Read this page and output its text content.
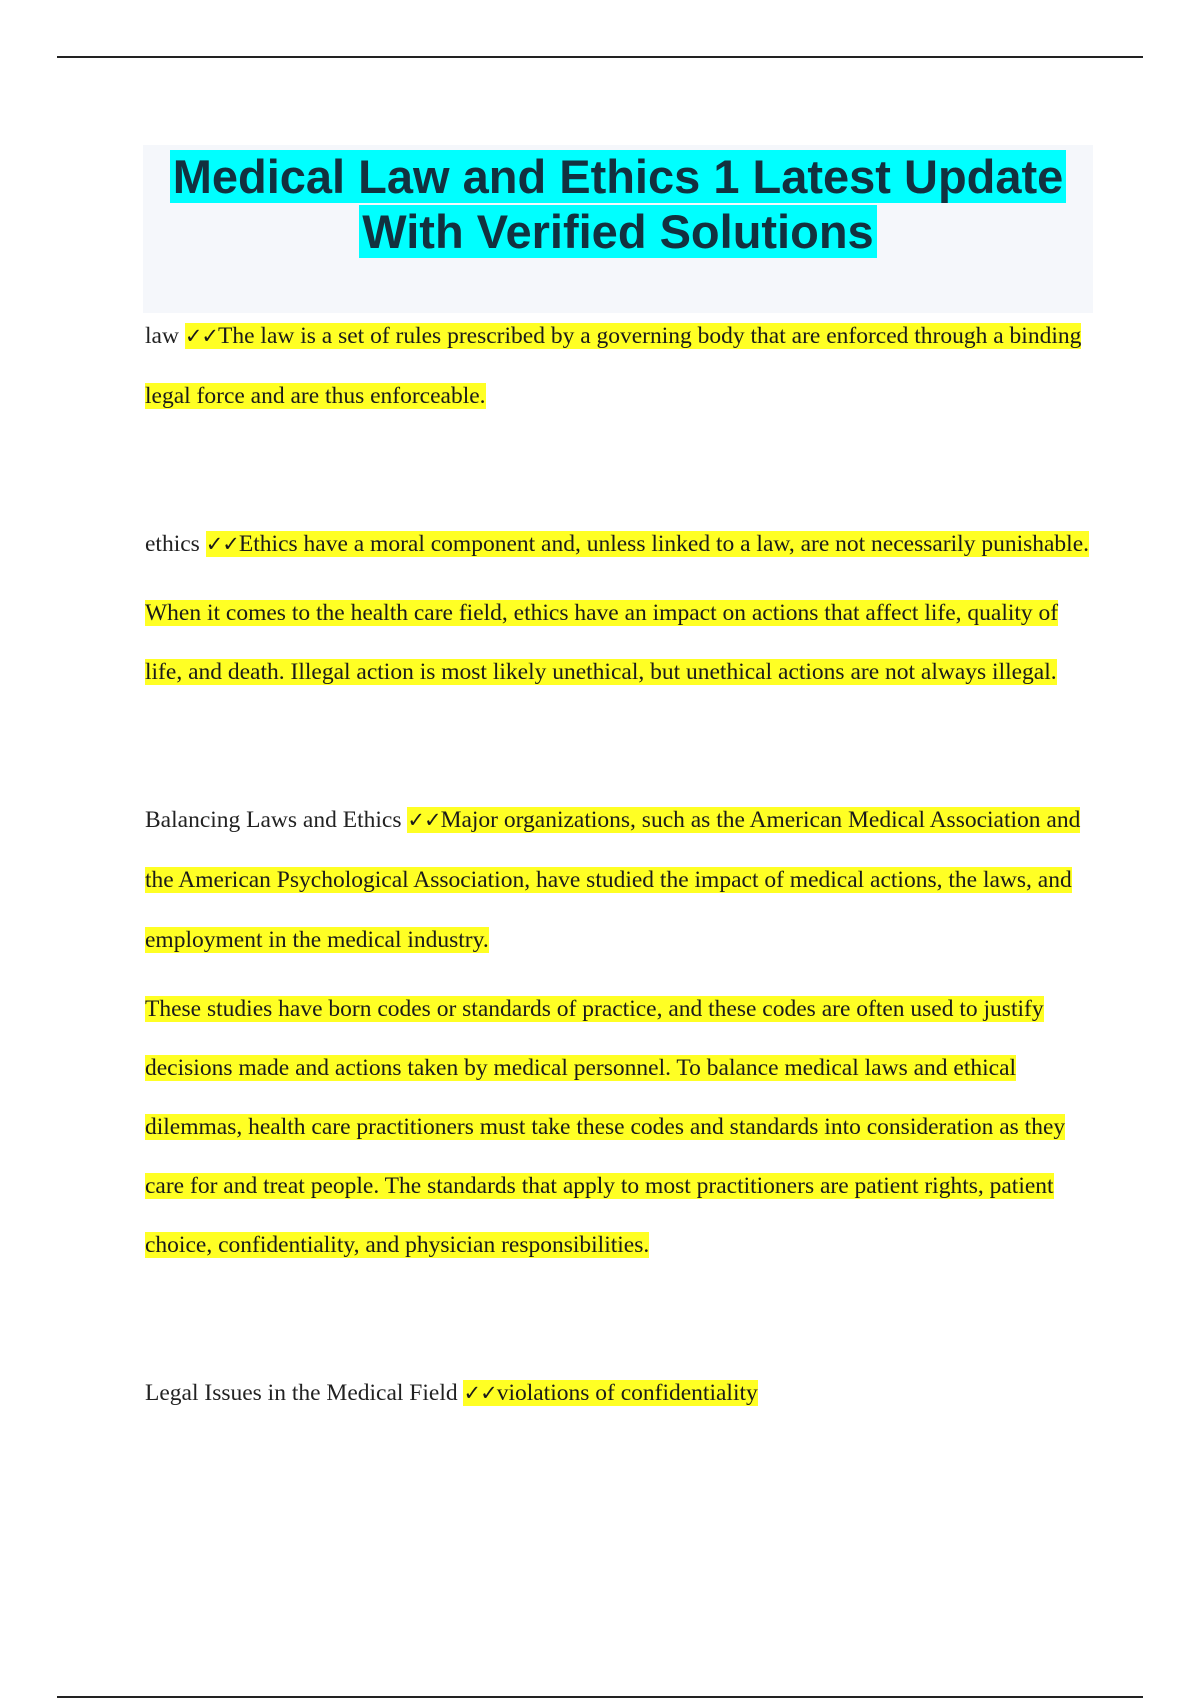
Medical Law and Ethics 1 Latest Update
With Verified Solutions

law ✓✓The law is a set of rules prescribed by a governing body that are enforced through a binding legal force and are thus enforceable.

ethics ✓✓Ethics have a moral component and, unless linked to a law, are not necessarily punishable.

When it comes to the health care field, ethics have an impact on actions that affect life, quality of life, and death. Illegal action is most likely unethical, but unethical actions are not always illegal.

Balancing Laws and Ethics ✓✓Major organizations, such as the American Medical Association and the American Psychological Association, have studied the impact of medical actions, the laws, and employment in the medical industry.

These studies have born codes or standards of practice, and these codes are often used to justify decisions made and actions taken by medical personnel. To balance medical laws and ethical dilemmas, health care practitioners must take these codes and standards into consideration as they care for and treat people. The standards that apply to most practitioners are patient rights, patient choice, confidentiality, and physician responsibilities.

Legal Issues in the Medical Field ✓✓violations of confidentiality
